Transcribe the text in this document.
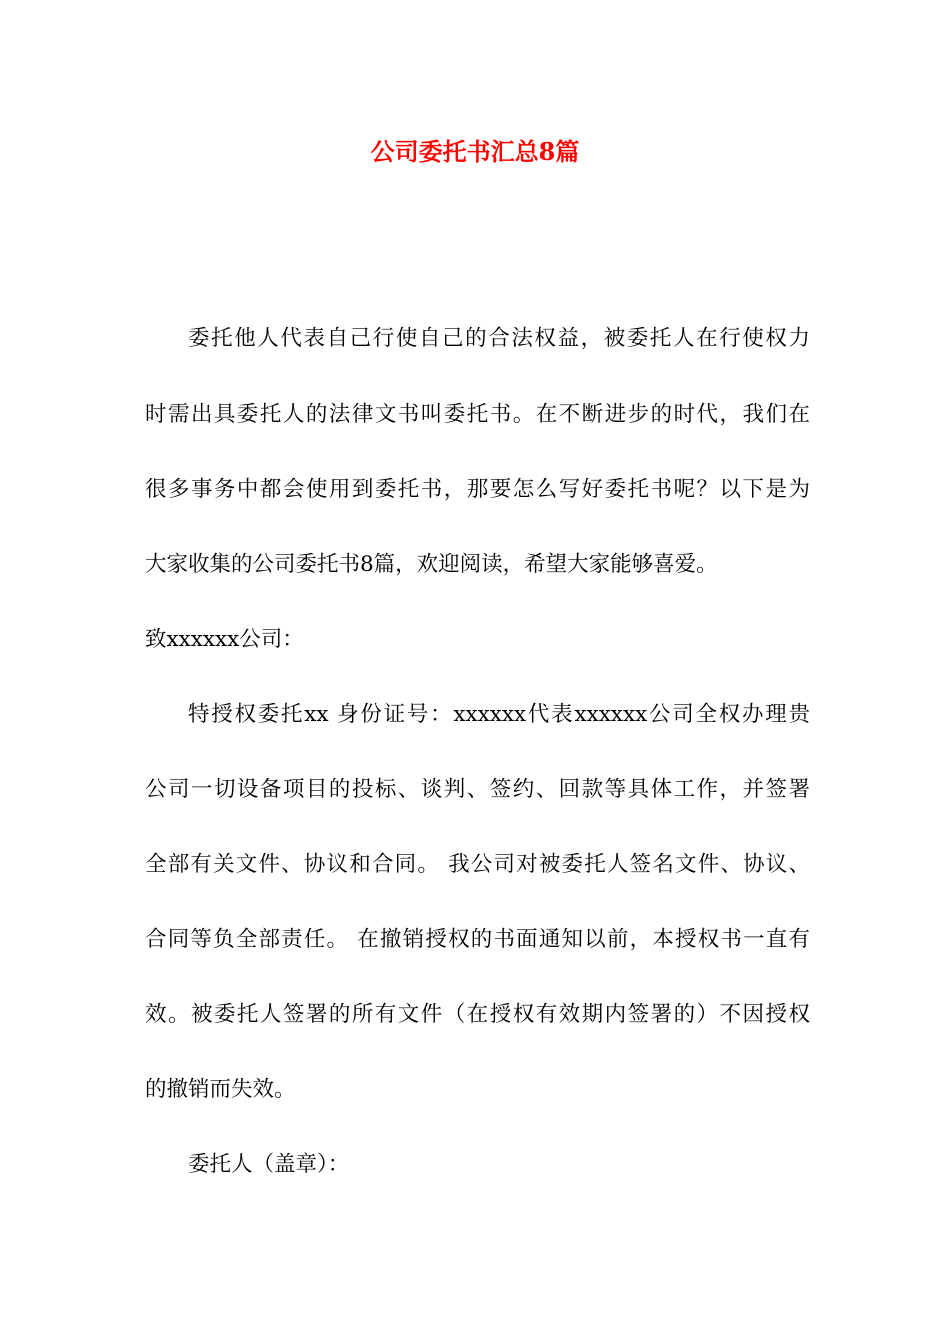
公司委托书汇总8篇

委托他人代表自己行使自己的合法权益，被委托人在行使权力

时需出具委托人的法律文书叫委托书。在不断进步的时代，我们在

很多事务中都会使用到委托书，那要怎么写好委托书呢？以下是为

大家收集的公司委托书8篇，欢迎阅读，希望大家能够喜爱。

致xxxxxx公司：

特授权委托xx 身份证号：xxxxxx代表xxxxxx公司全权办理贵

公司一切设备项目的投标、谈判、签约、回款等具体工作，并签署

全部有关文件、协议和合同。 我公司对被委托人签名文件、协议、

合同等负全部责任。 在撤销授权的书面通知以前，本授权书一直有

效。被委托人签署的所有文件（在授权有效期内签署的）不因授权

的撤销而失效。

委托人（盖章）：
